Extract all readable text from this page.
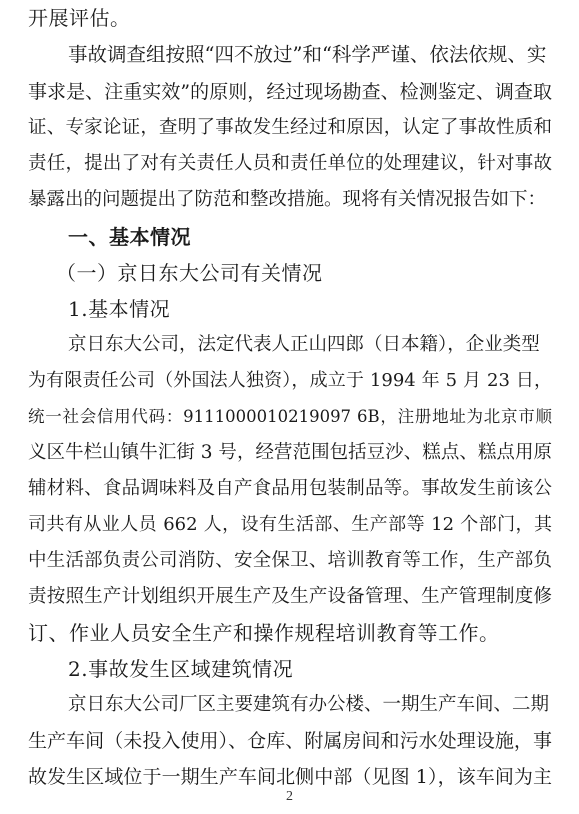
开展评估。
事故调查组按照“四不放过”和“科学严谨、依法依规、实
事求是、注重实效”的原则，经过现场勘查、检测鉴定、调查取
证、专家论证，查明了事故发生经过和原因，认定了事故性质和
责任，提出了对有关责任人员和责任单位的处理建议，针对事故
暴露出的问题提出了防范和整改措施。现将有关情况报告如下：
一、基本情况
（一）京日东大公司有关情况
1.基本情况
京日东大公司，法定代表人正山四郎（日本籍），企业类型
为有限责任公司（外国法人独资），成立于 1994 年 5 月 23 日，
统一社会信用代码：9111000010219097 6B，注册地址为北京市顺
义区牛栏山镇牛汇街 3 号，经营范围包括豆沙、糕点、糕点用原
辅材料、食品调味料及自产食品用包装制品等。事故发生前该公
司共有从业人员 662 人，设有生活部、生产部等 12 个部门，其
中生活部负责公司消防、安全保卫、培训教育等工作，生产部负
责按照生产计划组织开展生产及生产设备管理、生产管理制度修
订、作业人员安全生产和操作规程培训教育等工作。
2.事故发生区域建筑情况
京日东大公司厂区主要建筑有办公楼、一期生产车间、二期
生产车间（未投入使用）、仓库、附属房间和污水处理设施，事
故发生区域位于一期生产车间北侧中部（见图 1），该车间为主
2
